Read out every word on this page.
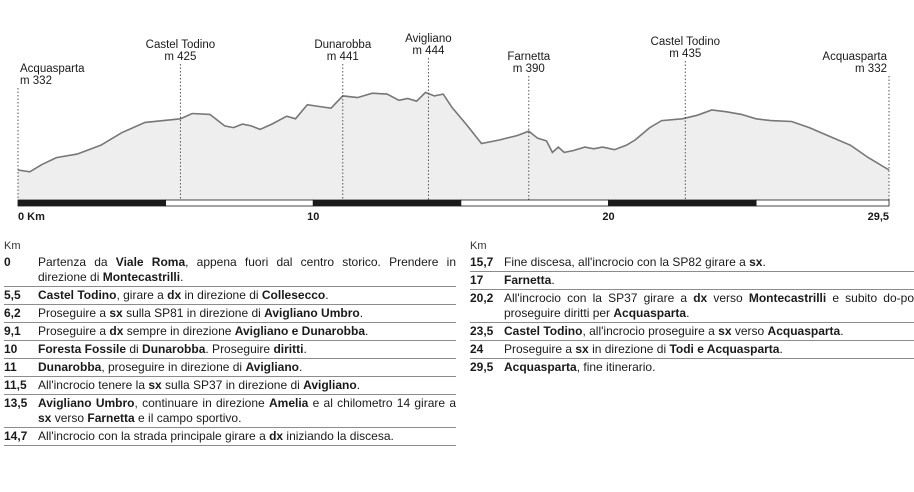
Acquasparta
m 332
Castel Todino
m 425
Dunarobba
m 441
Avigliano
m 444	Farnetta
m 390
Castel Todino
m 435	Acquasparta
m 332
0 Km	10	20	29,5
Km
0	Partenza da Viale Roma, appena fuori dal centro storico. Prendere in direzione di Montecastrilli.
5,5	Castel Todino, girare a dx in direzione di Collesecco.
6,2	Proseguire a sx sulla SP81 in direzione di Avigliano Umbro.
9,1	Proseguire a dx sempre in direzione Avigliano e Dunarobba.
10	Foresta Fossile di Dunarobba. Proseguire diritti.
11	Dunarobba, proseguire in direzione di Avigliano.
11,5 All'incrocio tenere la sx sulla SP37 in direzione di Avigliano.
13,5 Avigliano Umbro, continuare in direzione Amelia e al chilometro 14 girare a sx verso Farnetta e il campo sportivo.
14,7 All'incrocio con la strada principale girare a dx iniziando la discesa.
Km
15,7 Fine discesa, all'incrocio con la SP82 girare a sx.
17	Farnetta.
20,2 All'incrocio con la SP37 girare a dx verso Montecastrilli e subito do-po proseguire diritti per Acquasparta.
23,5 Castel Todino, all'incrocio proseguire a sx verso Acquasparta.
24	Proseguire a sx in direzione di Todi e Acquasparta.
29,5 Acquasparta, fine itinerario.
